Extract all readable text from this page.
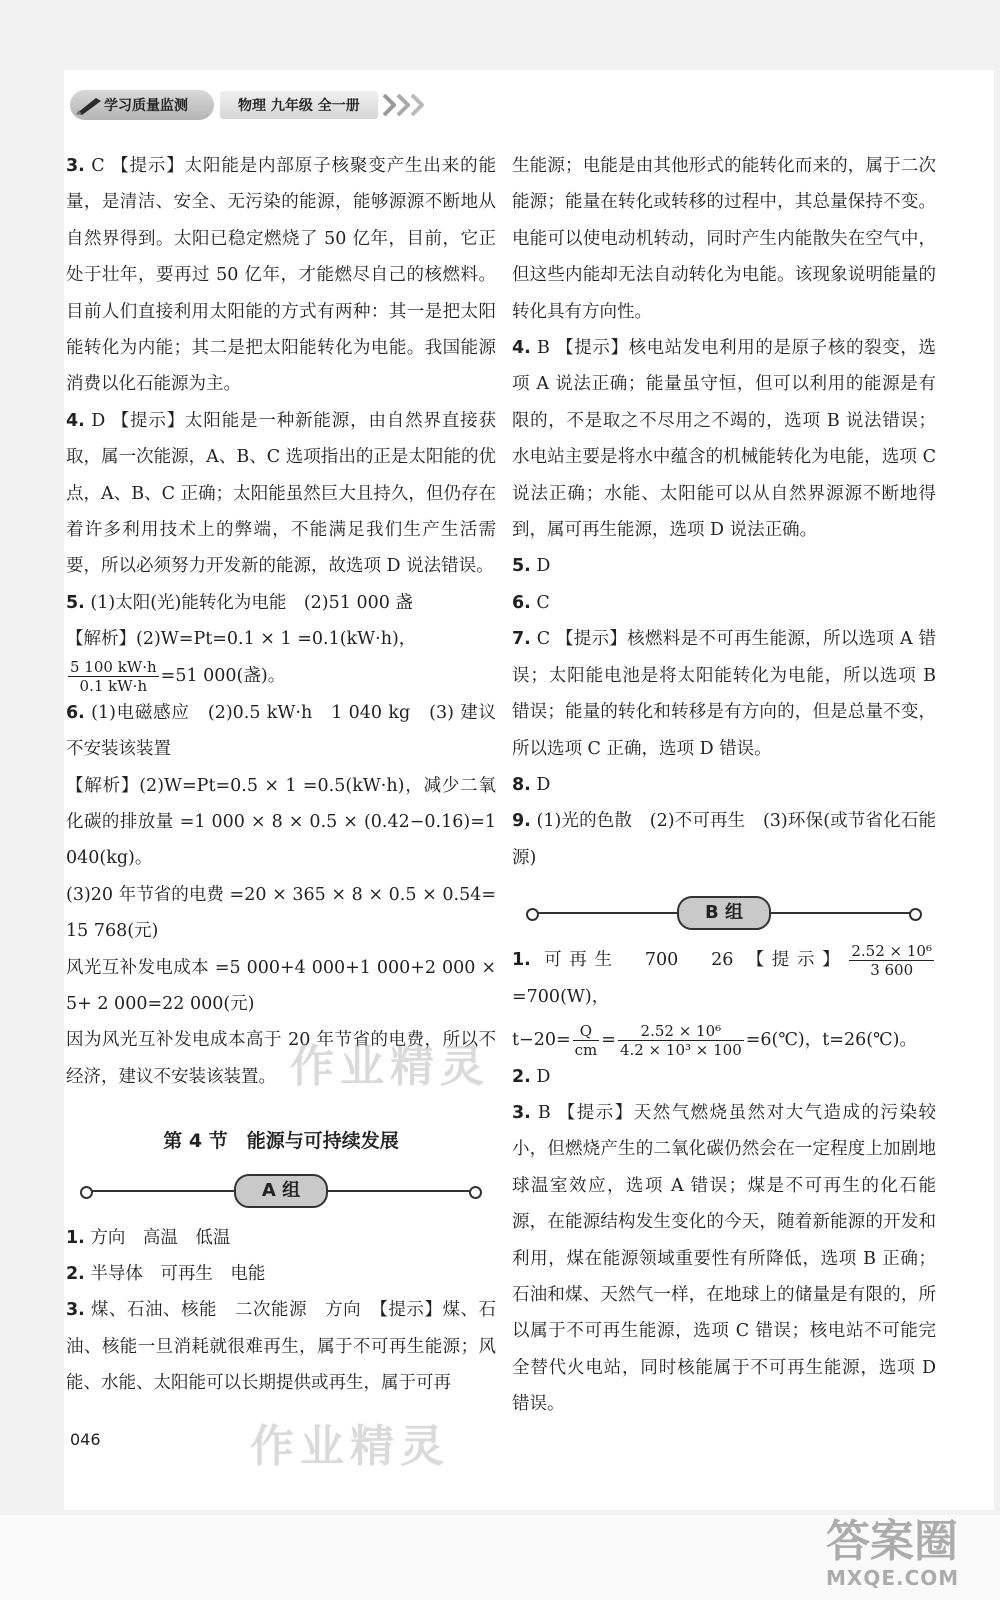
学习质量监测	物理 九年级 全一册

3. C 【提示】太阳能是内部原子核聚变产生出来的能量，是清洁、安全、无污染的能源，能够源源不断地从自然界得到。太阳已稳定燃烧了 50 亿年，目前，它正处于壮年，要再过 50 亿年，才能燃尽自己的核燃料。目前人们直接利用太阳能的方式有两种：其一是把太阳能转化为内能；其二是把太阳能转化为电能。我国能源消费以化石能源为主。

4. D 【提示】太阳能是一种新能源，由自然界直接获取，属一次能源，A、B、C 选项指出的正是太阳能的优点，A、B、C 正确；太阳能虽然巨大且持久，但仍存在着许多利用技术上的弊端，不能满足我们生产生活需要，所以必须努力开发新的能源，故选项 D 说法错误。

5. (1)太阳(光)能转化为电能　(2)51 000 盏

【解析】(2)W=Pt=0.1 × 1 =0.1(kW·h)，

$\frac{5 100 kW\cdot h}{0.1 kW\cdot h} =51$ 000(盏)。

6. (1)电磁感应　(2)0.5 kW·h　1 040 kg　(3) 建议不安装该装置

【解析】(2)W=Pt=0.5 × 1 =0.5(kW·h)，减少二氧化碳的排放量 =1 000 × 8 × 0.5 × (0.42−0.16)=1 040(kg)。

(3)20 年节省的电费 =20 × 365 × 8 × 0.5 × 0.54= 15 768(元)

风光互补发电成本 =5 000+4 000+1 000+2 000 × 5+ 2 000=22 000(元)

因为风光互补发电成本高于 20 年节省的电费，所以不经济，建议不安装该装置。

第 4 节　能源与可持续发展
A 组

1. 方向　高温　低温

2. 半导体　可再生　电能

3. 煤、石油、核能　二次能源　方向　【提示】煤、石油、核能一旦消耗就很难再生，属于不可再生能源；风能、水能、太阳能可以长期提供或再生，属于可再

生能源；电能是由其他形式的能转化而来的，属于二次能源；能量在转化或转移的过程中，其总量保持不变。电能可以使电动机转动，同时产生内能散失在空气中，但这些内能却无法自动转化为电能。该现象说明能量的转化具有方向性。

4. B 【提示】核电站发电利用的是原子核的裂变，选项 A 说法正确；能量虽守恒，但可以利用的能源是有限的，不是取之不尽用之不竭的，选项 B 说法错误；水电站主要是将水中蕴含的机械能转化为电能，选项 C 说法正确；水能、太阳能可以从自然界源源不断地得到，属可再生能源，选项 D 说法正确。

5. D

6. C

7. C 【提示】核燃料是不可再生能源，所以选项 A 错误；太阳能电池是将太阳能转化为电能，所以选项 B 错误；能量的转化和转移是有方向的，但是总量不变，所以选项 C 正确，选项 D 错误。

8. D

9. (1)光的色散　(2)不可再生　(3)环保(或节省化石能源)

B 组

1. 可再生　700　26 【提示】 $\frac{\text{2.52 × 10⁶}}{3 600}$
=700(W)，

$t-20= \frac{Q}{cm} = \frac{\text{2.52 × 10⁶}}{\text{4.2 × 10³ × 100}}$ =6(℃)，t=26(℃)。

2. D

3. B 【提示】天然气燃烧虽然对大气造成的污染较小，但燃烧产生的二氧化碳仍然会在一定程度上加剧地球温室效应，选项 A 错误；煤是不可再生的化石能源，在能源结构发生变化的今天，随着新能源的开发和利用，煤在能源领域重要性有所降低，选项 B 正确；石油和煤、天然气一样，在地球上的储量是有限的，所以属于不可再生能源，选项 C 错误；核电站不可能完全替代火电站，同时核能属于不可再生能源，选项 D 错误。

作业精灵
作业精灵
046
答案圈
MXQE.COM
